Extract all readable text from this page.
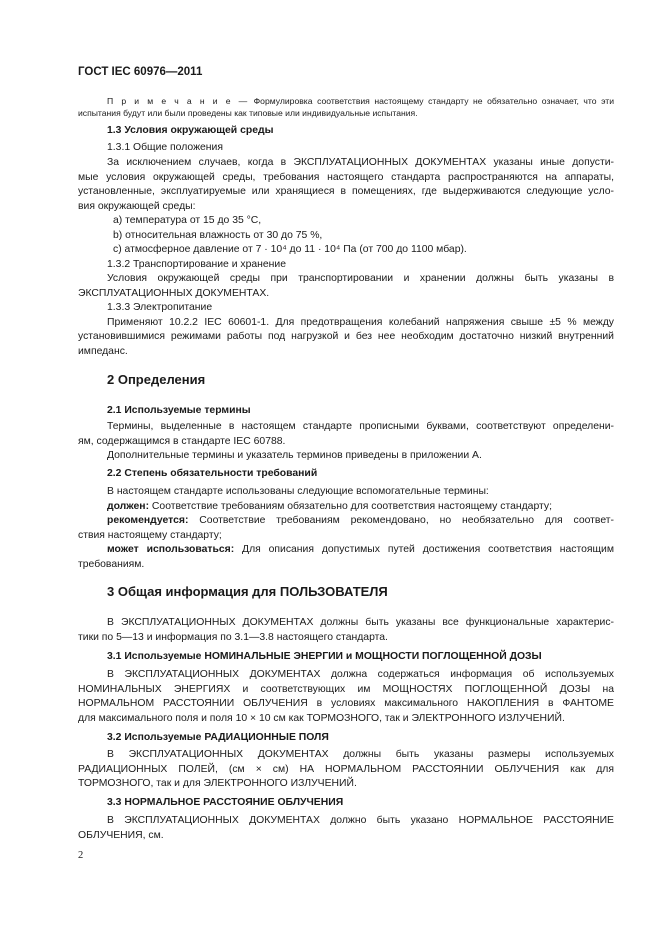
ГОСТ IEC 60976—2011
П р и м е ч а н и е — Формулировка соответствия настоящему стандарту не обязательно означает, что эти
испытания будут или были проведены как типовые или индивидуальные испытания.
1.3 Условия окружающей среды
1.3.1 Общие положения
За исключением случаев, когда в ЭКСПЛУАТАЦИОННЫХ ДОКУМЕНТАХ указаны иные допусти-
мые условия окружающей среды, требования настоящего стандарта распространяются на аппараты,
установленные, эксплуатируемые или хранящиеся в помещениях, где выдерживаются следующие усло-
вия окружающей среды:
a) температура от 15 до 35 °С,
b) относительная влажность от 30 до 75 %,
с) атмосферное давление от 7 · 10⁴ до 11 · 10⁴ Па (от 700 до 1100 мбар).
1.3.2 Транспортирование и хранение
Условия окружающей среды при транспортировании и хранении должны быть указаны в
ЭКСПЛУАТАЦИОННЫХ ДОКУМЕНТАХ.
1.3.3 Электропитание
Применяют 10.2.2 IEC 60601-1. Для предотвращения колебаний напряжения свыше ±5 % между
установившимися режимами работы под нагрузкой и без нее необходим достаточно низкий внутренний
импеданс.
2 Определения
2.1 Используемые термины
Термины, выделенные в настоящем стандарте прописными буквами, соответствуют определени-
ям, содержащимся в стандарте IEC 60788.
Дополнительные термины и указатель терминов приведены в приложении А.
2.2 Степень обязательности требований
В настоящем стандарте использованы следующие вспомогательные термины:
должен: Соответствие требованиям обязательно для соответствия настоящему стандарту;
рекомендуется: Соответствие требованиям рекомендовано, но необязательно для соответ-
ствия настоящему стандарту;
может использоваться: Для описания допустимых путей достижения соответствия настоящим
требованиям.
3 Общая информация для ПОЛЬЗОВАТЕЛЯ
В ЭКСПЛУАТАЦИОННЫХ ДОКУМЕНТАХ должны быть указаны все функциональные характерис-
тики по 5—13 и информация по 3.1—3.8 настоящего стандарта.
3.1 Используемые НОМИНАЛЬНЫЕ ЭНЕРГИИ и МОЩНОСТИ ПОГЛОЩЕННОЙ ДОЗЫ
В ЭКСПЛУАТАЦИОННЫХ ДОКУМЕНТАХ должна содержаться информация об используемых
НОМИНАЛЬНЫХ ЭНЕРГИЯХ и соответствующих им МОЩНОСТЯХ ПОГЛОЩЕННОЙ ДОЗЫ на
НОРМАЛЬНОМ РАССТОЯНИИ ОБЛУЧЕНИЯ в условиях максимального НАКОПЛЕНИЯ в ФАНТОМЕ
для максимального поля и поля 10 × 10 см как ТОРМОЗНОГО, так и ЭЛЕКТРОННОГО ИЗЛУЧЕНИЙ.
3.2 Используемые РАДИАЦИОННЫЕ ПОЛЯ
В ЭКСПЛУАТАЦИОННЫХ ДОКУМЕНТАХ должны быть указаны размеры используемых
РАДИАЦИОННЫХ ПОЛЕЙ, (см × см) НА НОРМАЛЬНОМ РАССТОЯНИИ ОБЛУЧЕНИЯ как для
ТОРМОЗНОГО, так и для ЭЛЕКТРОННОГО ИЗЛУЧЕНИЙ.
3.3 НОРМАЛЬНОЕ РАССТОЯНИЕ ОБЛУЧЕНИЯ
В ЭКСПЛУАТАЦИОННЫХ ДОКУМЕНТАХ должно быть указано НОРМАЛЬНОЕ РАССТОЯНИЕ
ОБЛУЧЕНИЯ, см.
2
